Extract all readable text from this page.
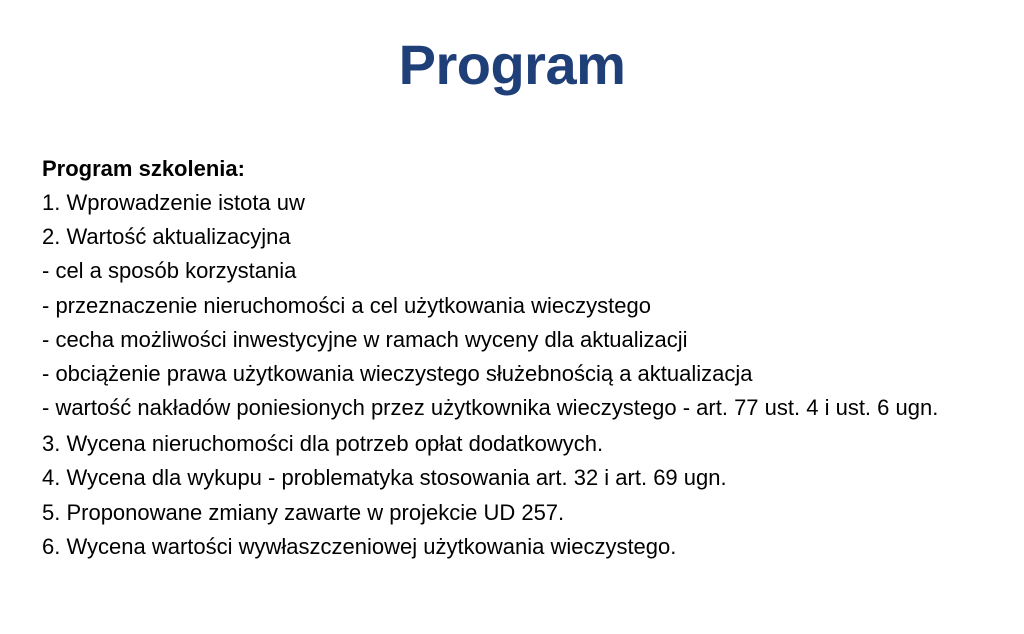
Program
Program szkolenia:
1. Wprowadzenie istota uw
2. Wartość aktualizacyjna
- cel a sposób korzystania
- przeznaczenie nieruchomości a cel użytkowania wieczystego
- cecha możliwości inwestycyjne w ramach wyceny dla aktualizacji
- obciążenie prawa użytkowania wieczystego służebnością a aktualizacja
- wartość nakładów poniesionych przez użytkownika wieczystego - art. 77 ust. 4 i ust. 6 ugn.
3. Wycena nieruchomości dla potrzeb opłat dodatkowych.
4. Wycena dla wykupu - problematyka stosowania art. 32 i art. 69 ugn.
5. Proponowane zmiany zawarte w projekcie UD 257.
6. Wycena wartości wywłaszczeniowej użytkowania wieczystego.
